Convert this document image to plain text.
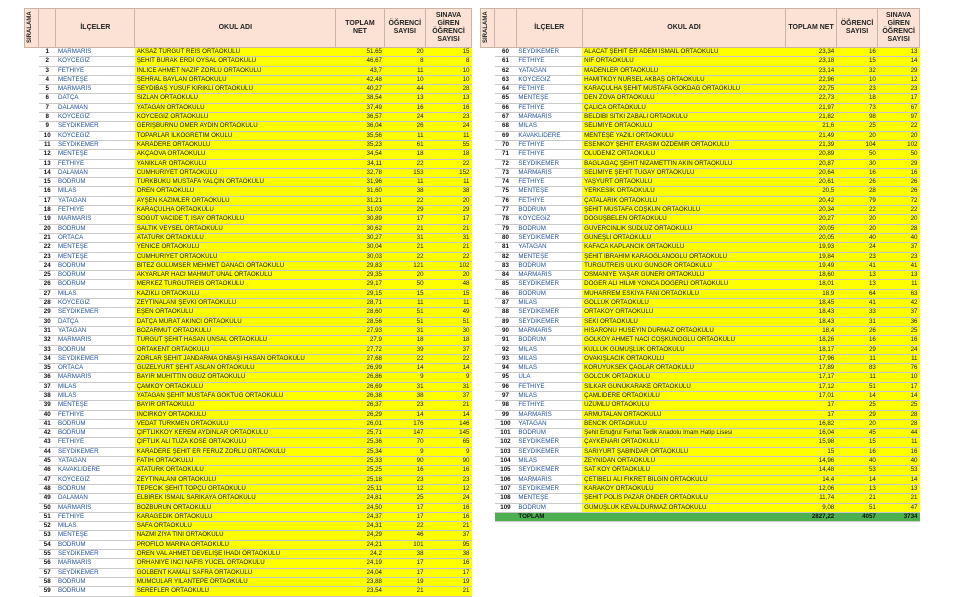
SIRALAMA
		İLÇELER	OKUL ADI	TOPLAM NET	ÖĞRENCİ SAYISI	SINAVA GİREN ÖĞRENCİ SAYISI
1	MARMARİS	AKSAZ TURGUT REİS ORTAOKULU	51,65	20	15
2	KÖYCEĞİZ	ŞEHİT BURAK ERDİ OYSAL ORTAOKULU	46,67	8	8
3	FETHİYE	İNLİCE AHMET NAZİF ZORLU ORTAOKULU	43,7	11	10
4	MENTEŞE	ŞEHRAL BAYLAN ORTAOKULU	42,48	10	10
5	MARMARİS	SEYDİBAŞ YUSUF KIRIKLI ORTAOKULU	40,27	44	28
6	DATÇA	SIZLAN ORTAOKULU	38,54	13	13
7	DALAMAN	YATAĞAN ORTAOKULU	37,49	16	16
8	KÖYCEĞİZ	KÖYCEĞİZ ORTAOKULU	36,57	24	23
9	SEYDİKEMER	GERİŞBURNU ÖMER AYDIN ORTAOKULU	36,04	26	24
10	KÖYCEĞİZ	TOPARLAR İLKÖĞRETİM OKULU	35,56	11	11
11	SEYDİKEMER	KARADERE ORTAOKULU	35,23	61	55
12	MENTEŞE	AKÇAOVA ORTAOKULU	34,54	18	18
13	FETHİYE	YANIKLAR ORTAOKULU	34,11	22	22
14	DALAMAN	CUMHURİYET ORTAOKULU	32,78	153	152
15	BODRUM	TÜRKBÜKÜ MUSTAFA YALÇIN ORTAOKULU	31,96	11	11
16	MİLAS	ÖREN ORTAOKULU	31,60	38	38
17	YATAĞAN	AYŞEN KAZIMLER ORTAOKULU	31,21	22	20
18	FETHİYE	KARAÇULHA ORTAOKULU	31,03	29	29
19	MARMARİS	SÖĞÜT VACİDE T. İSAY ORTAOKULU	30,89	17	17
20	BODRUM	SALTIK VEYSEL ORTAOKULU	30,62	21	21
21	ORTACA	ATATÜRK ORTAOKULU	30,27	31	31
22	MENTEŞE	YENİCE ORTAOKULU	30,04	21	21
23	MENTEŞE	CUMHURİYET ORTAOKULU	30,03	22	22
24	BODRUM	BİTEZ GÜLÜMSER MEHMET DANACI ORTAOKULU	29,83	121	102
25	BODRUM	AKYARLAR HACI MAHMUT ÜNAL ORTAOKULU	29,35	20	20
26	BODRUM	MERKEZ TURGUTREİS ORTAOKULU	29,17	50	48
27	MİLAS	KAZIKLI ORTAOKULU	29,15	15	15
28	KÖYCEĞİZ	ZEYTİNALANI ŞEVKİ ORTAOKULU	28,71	11	11
29	SEYDİKEMER	EŞEN ORTAOKULU	28,60	51	49
30	DATÇA	DATÇA MURAT AKINCI ORTAOKULU	28,56	51	51
31	YATAĞAN	BOZARMUT ORTAOKULU	27,93	31	30
32	MARMARİS	TURGUT ŞEHİT HASAN ÜNSAL ORTAOKULU	27,9	18	18
33	BODRUM	ORTAKENT ORTAOKULU	27,72	39	37
34	SEYDİKEMER	ZORLAR ŞEHİT JANDARMA ONBAŞI HASAN ORTAOKULU	27,68	22	22
35	ORTACA	GÜZELYURT ŞEHİT ASLAN ORTAOKULU	26,99	14	14
36	MARMARİS	BAYIR MUHİTTİN OĞUZ ORTAOKULU	26,86	9	9
37	MİLAS	ÇAMKÖY ORTAOKULU	26,69	31	31
38	MİLAS	YATAĞAN ŞEHİT MUSTAFA GÖKTUĞ ORTAOKULU	26,38	38	37
39	MENTEŞE	BAYIR ORTAOKULU	26,37	23	21
40	FETHİYE	İNCİRKÖY ORTAOKULU	26,29	14	14
41	BODRUM	VEDAT TÜRKMEN ORTAOKULU	26,01	176	146
42	BODRUM	ÇİFTLİKKÖY KEREM AYDINLAR ORTAOKULU	25,71	147	145
43	FETHİYE	ÇİFTLİK ALİ TUZA KÖSE ORTAOKULU	25,36	70	65
44	SEYDİKEMER	KARADERE ŞEHİT ER FERUZ ZORLU ORTAOKULU	25,34	9	9
45	YATAĞAN	FATİH ORTAOKULU	25,33	90	90
46	KAVAKLIDERE	ATATÜRK ORTAOKULU	25,25	16	16
47	KÖYCEĞİZ	ZEYTİNALANI ORTAOKULU	25,18	23	23
48	BODRUM	TEPECİK ŞEHİT TOPÇU ORTAOKULU	25,11	12	12
49	DALAMAN	ELBİREK İSMAİL SARIKAYA ORTAOKULU	24,81	25	24
50	MARMARİS	BOZBURUN ORTAOKULU	24,50	17	16
51	FETHİYE	KARAGEDİK ORTAOKULU	24,37	17	16
52	MİLAS	SAFA ORTAOKULU	24,31	22	21
53	MENTEŞE	NAZMİ ZİYA TİNİ ORTAOKULU	24,29	46	37
54	BODRUM	PROFİLO MARİNA ORTAOKULU	24,21	101	95
55	SEYDİKEMER	ÖREN VAL AHMET DEVELİŞE İHADI ORTAOKULU	24,2	38	38
56	MARMARİS	ORHANİYE İNCİ NAFİS YÜCEL ORTAOKULU	24,19	17	16
57	SEYDİKEMER	GÖLBENT KAMALİ SAFRA ORTAOKULU	24,04	17	17
58	BODRUM	MUMCULAR YILANTEPE ORTAOKULU	23,88	19	19
59	BODRUM	SEREFLER ORTAOKULU	23,54	21	21
SIRALAMA
		İLÇELER	OKUL ADI	TOPLAM NET	ÖĞRENCİ SAYISI	SINAVA GİREN ÖĞRENCİ SAYISI
60	SEYDİKEMER	ALACAT ŞEHİT ER ADEM İSMAİL ORTAOKULU	23,34	16	13
61	FETHİYE	NİF ORTAOKULU	23,18	15	14
62	YATAĞAN	MADENLER ORTAOKULU	23,14	32	29
63	KÖYCEĞİZ	HAMİTKÖY NURSEL AKBAŞ ORTAOKULU	22,96	10	12
64	FETHİYE	KARAÇULHA ŞEHİT MUSTAFA GÖKDAĞ ORTAOKULU	22,75	23	23
65	MENTEŞE	DEN ZOVA ORTAOKULU	22,73	18	17
66	FETHİYE	ÇALICA ORTAOKULU	21,97	73	67
67	MARMARİS	BELDİBİ SITKI ZABALI ORTAOKULU	21,82	98	97
68	MİLAS	SELİMİYE ORTAOKULU	21,6	25	22
69	KAVAKLIDERE	MENTEŞE YAZILI ORTAOKULU	21,49	20	20
70	FETHİYE	ESENKÖY ŞEHİT ERASIM ÖZDEMİR ORTAOKULU	21,39	104	102
71	FETHİYE	ÖLÜDENİZ ORTAOKULU	20,89	50	50
72	SEYDİKEMER	BAĞLAĞAÇ ŞEHİT NİZAMETTİN AKIN ORTAOKULU	20,87	30	29
73	MARMARİS	SELİMİYE ŞEHİT TUĞAY ORTAOKULU	20,64	16	16
74	FETHİYE	YAŞYURT ORTAOKULU	20,61	26	26
75	MENTEŞE	YERKESİK ORTAOKULU	20,5	28	26
76	FETHİYE	ÇATALARIK ORTAOKULU	20,42	79	72
77	BODRUM	ŞEHİT MUSTAFA COŞKUN ORTAOKULU	20,34	22	22
78	KÖYCEĞİZ	DÖĞÜŞBELEN ORTAOKULU	20,27	20	20
79	BODRUM	GÜVERCİNLİK SÜDLÜZ ORTAOKULU	20,05	20	28
80	SEYDİKEMER	GÜNEŞLİ ORTAOKULU	20,05	40	40
81	YATAĞAN	KAFACA KAPLANCIK ORTAOKULU	19,93	24	37
82	MENTEŞE	ŞEHİT İBRAHİM KARAOĞLANOĞLU ORTAOKULU	19,84	23	23
83	BODRUM	TURGUTREİS ÜLKÜ GÜNGÖR ORTAOKULU	19,49	41	41
84	MARMARİS	OSMANİYE YAŞAR GÜNERİ ORTAOKULU	18,60	13	13
85	SEYDİKEMER	DÖĞER ALİ HİLMİ YONCA DÖĞERLİ ORTAOKULU	18,01	13	11
86	BODRUM	MUHARREM ESKİYA FANI ORTAOKULU	18,9	64	63
87	MİLAS	GÖLLÜK ORTAOKULU	18,45	41	42
88	SEYDİKEMER	ORTAKÖY ORTAOKULU	18,43	33	37
89	SEYDİKEMER	SEKİ ORTAOKULU	18,43	31	36
90	MARMARİS	HİSARÖNÜ HÜSEYİN DURMAZ ORTAOKULU	18,4	26	25
91	BODRUM	GOLKÖY AHMET NACİ COŞKUNOĞLU ORTAOKULU	18,26	16	16
92	MİLAS	KULLUK GÜMÜŞLÜK ORTAOKULU	18,17	29	24
93	MİLAS	OVAKIŞLACIK ORTAOKULU	17,96	11	11
94	MİLAS	KORUYÜKSEK ÇAĞLAR ORTAOKULU	17,89	83	76
95	ULA	GÖLCÜK ORTAOKULU	17,17	11	10
96	FETHİYE	SİLKAR GÜNÜKARAKE ORTAOKULU	17,12	51	17
97	MİLAS	ÇAMLIDERE ORTAOKULU	17,01	14	14
98	FETHİYE	ÜZÜMLÜ ORTAOKULU	17	25	25
99	MARMARİS	ARMUTALAN ORTAOKULU	17	29	28
100	YATAĞAN	BENCİK ORTAOKULU	16,82	20	28
101	BODRUM	Şehit Ertuğrul Ferhat Tedik Anadolu İmam Hatip Lisesi	16,04	45	44
102	SEYDİKEMER	ÇAYKENARI ORTAOKULU	15,98	15	11
103	SEYDİKEMER	SARIYURT ŞABİNDAR ORTAOKULU	15	16	16
104	MİLAS	ZEYNİDAN ORTAOKULU	14,96	40	40
105	SEYDİKEMER	SAT KÖY ORTAOKULU	14,48	53	53
106	MARMARİS	ÇETİBELİ ALİ FİKRET BİLGİN ORTAOKULU	14,4	14	14
107	SEYDİKEMER	KARAKÖY ORTAOKULU	12,06	13	13
108	MENTEŞE	ŞEHİT POLİS PAZAR ONDER ORTAOKULU	11,74	21	21
109	BODRUM	GÜMÜŞLÜK KEVALDURMAZ ORTAOKULU	9,08	51	47
	TOPLAM		2827,22	4057	3734
